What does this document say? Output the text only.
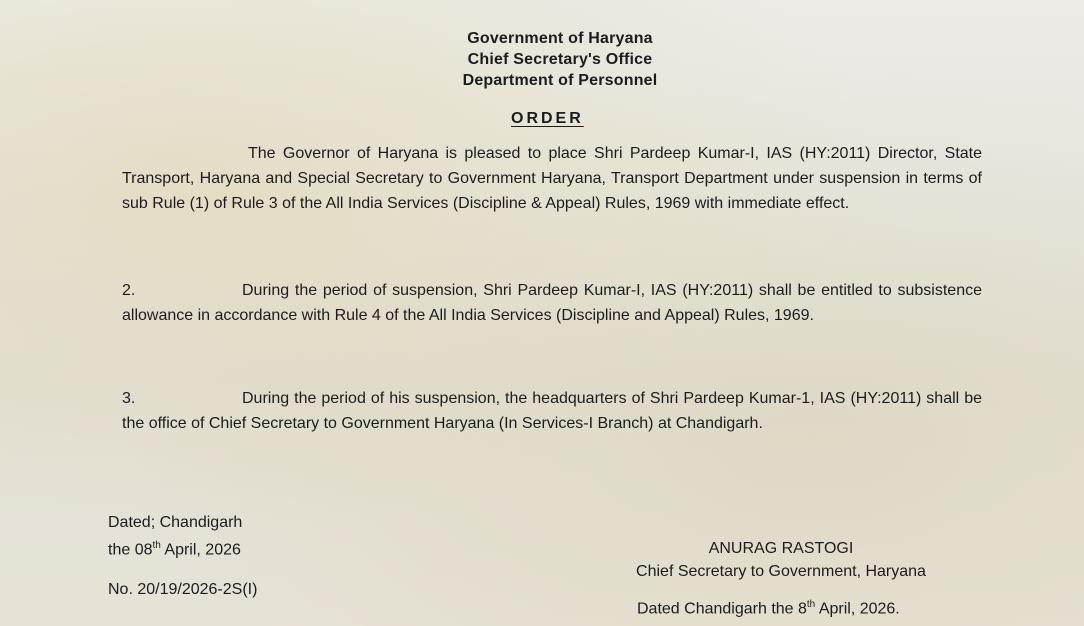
Government of Haryana
Chief Secretary's Office
Department of Personnel
ORDER

The Governor of Haryana is pleased to place Shri Pardeep Kumar-I, IAS (HY:2011) Director, State Transport, Haryana and Special Secretary to Government Haryana, Transport Department under suspension in terms of sub Rule (1) of Rule 3 of the All India Services (Discipline & Appeal) Rules, 1969 with immediate effect.

2.	During the period of suspension, Shri Pardeep Kumar-I, IAS (HY:2011) shall be entitled to subsistence allowance in accordance with Rule 4 of the All India Services (Discipline and Appeal) Rules, 1969.

3.	During the period of his suspension, the headquarters of Shri Pardeep Kumar-1, IAS (HY:2011) shall be the office of Chief Secretary to Government Haryana (In Services-I Branch) at Chandigarh.

Dated; Chandigarh
the 08th April, 2026
No. 20/19/2026-2S(I)
ANURAG RASTOGI
Chief Secretary to Government, Haryana
Dated Chandigarh the 8th April, 2026.
